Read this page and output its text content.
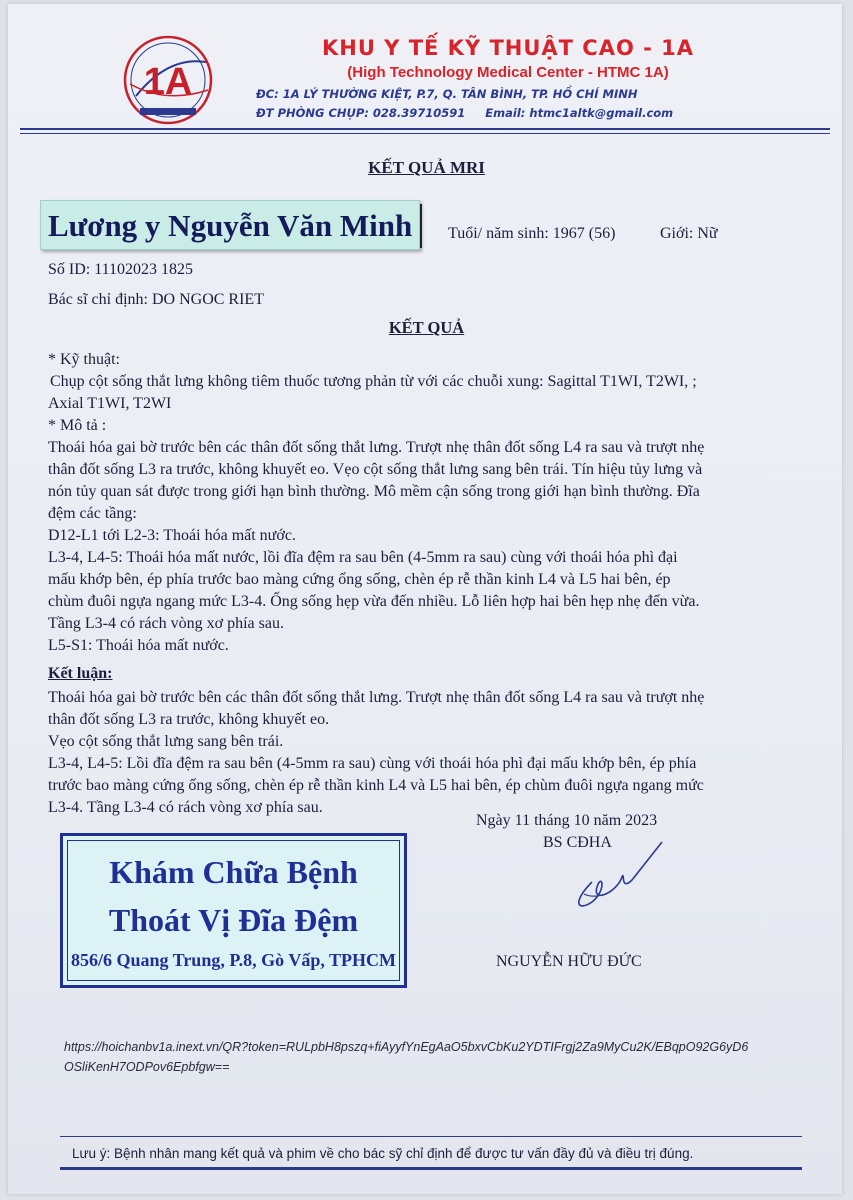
1A
KHU Y TẾ KỸ THUẬT CAO - 1A
(High Technology Medical Center - HTMC 1A)
ĐC: 1A LÝ THƯỜNG KIỆT, P.7, Q. TÂN BÌNH, TP. HỒ CHÍ MINH
ĐT PHÒNG CHỤP: 028.39710591     Email: htmc1altk@gmail.com
KẾT QUẢ MRI
Lương y Nguyễn Văn Minh Tuổi/ năm sinh: 1967 (56)	Giới: Nữ
Số ID: 11102023 1825
Bác sĩ chỉ định: DO NGOC RIET
KẾT QUẢ
* Kỹ thuật:
Chụp cột sống thắt lưng không tiêm thuốc tương phản từ với các chuỗi xung: Sagittal T1WI, T2WI, ;
Axial T1WI, T2WI
* Mô tả :
Thoái hóa gai bờ trước bên các thân đốt sống thắt lưng. Trượt nhẹ thân đốt sống L4 ra sau và trượt nhẹ
thân đốt sống L3 ra trước, không khuyết eo. Vẹo cột sống thắt lưng sang bên trái. Tín hiệu tủy lưng và
nón tủy quan sát được trong giới hạn bình thường. Mô mềm cận sống trong giới hạn bình thường. Đĩa
đệm các tầng:
D12-L1 tới L2-3: Thoái hóa mất nước.
L3-4, L4-5: Thoái hóa mất nước, lồi đĩa đệm ra sau bên (4-5mm ra sau) cùng với thoái hóa phì đại
mấu khớp bên, ép phía trước bao màng cứng ống sống, chèn ép rễ thần kinh L4 và L5 hai bên, ép
chùm đuôi ngựa ngang mức L3-4. Ống sống hẹp vừa đến nhiều. Lỗ liên hợp hai bên hẹp nhẹ đến vừa.
Tầng L3-4 có rách vòng xơ phía sau.
L5-S1: Thoái hóa mất nước.
Kết luận:
Thoái hóa gai bờ trước bên các thân đốt sống thắt lưng. Trượt nhẹ thân đốt sống L4 ra sau và trượt nhẹ
thân đốt sống L3 ra trước, không khuyết eo.
Vẹo cột sống thắt lưng sang bên trái.
L3-4, L4-5: Lồi đĩa đệm ra sau bên (4-5mm ra sau) cùng với thoái hóa phì đại mấu khớp bên, ép phía
trước bao màng cứng ống sống, chèn ép rễ thần kinh L4 và L5 hai bên, ép chùm đuôi ngựa ngang mức
L3-4. Tầng L3-4 có rách vòng xơ phía sau.
Ngày 11 tháng 10 năm 2023
BS CĐHA
NGUYỄN HỮU ĐỨC
Khám Chữa Bệnh
Thoát Vị Đĩa Đệm
856/6 Quang Trung, P.8, Gò Vấp, TPHCM
https://hoichanbv1a.inext.vn/QR?token=RULpbH8pszq+fiAyyfYnEgAaO5bxvCbKu2YDTIFrgj2Za9MyCu2K/EBqpO92G6yD6
OSliKenH7ODPov6Epbfgw==
Lưu ý: Bệnh nhân mang kết quả và phim về cho bác sỹ chỉ định để được tư vấn đầy đủ và điều trị đúng.
